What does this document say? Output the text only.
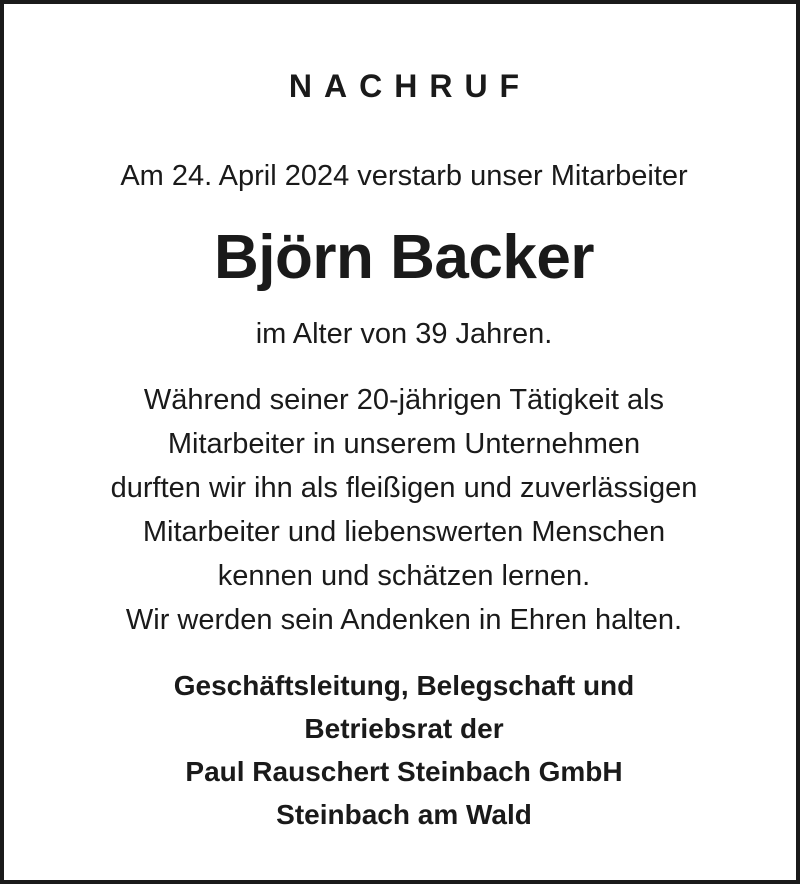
NACHRUF
Am 24. April 2024 verstarb unser Mitarbeiter
Björn Backer
im Alter von 39 Jahren.
Während seiner 20-jährigen Tätigkeit als
Mitarbeiter in unserem Unternehmen
durften wir ihn als fleißigen und zuverlässigen
Mitarbeiter und liebenswerten Menschen
kennen und schätzen lernen.
Wir werden sein Andenken in Ehren halten.
Geschäftsleitung, Belegschaft und
Betriebsrat der
Paul Rauschert Steinbach GmbH
Steinbach am Wald
